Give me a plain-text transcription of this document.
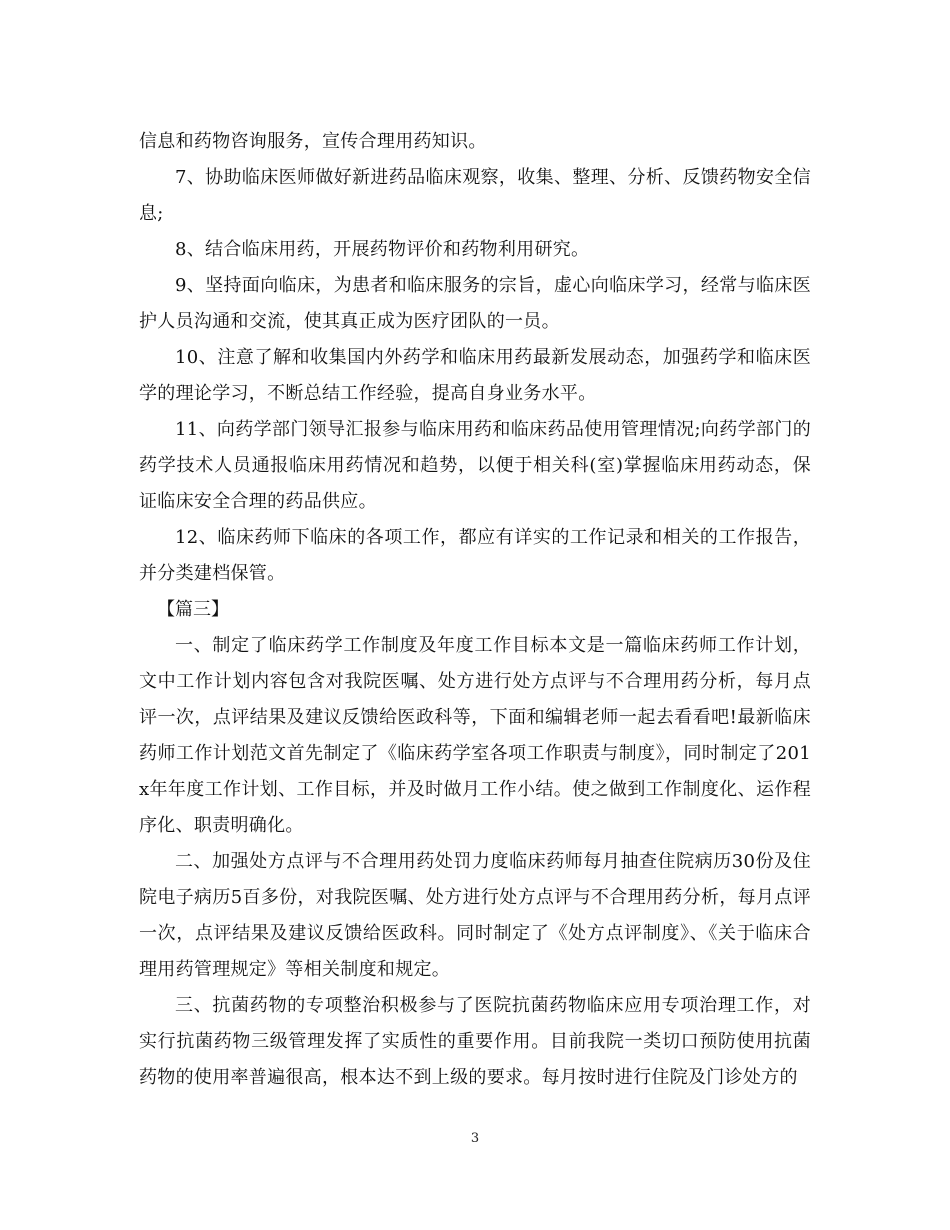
信息和药物咨询服务，宣传合理用药知识。

7、协助临床医师做好新进药品临床观察，收集、整理、分析、反馈药物安全信息;

8、结合临床用药，开展药物评价和药物利用研究。

9、坚持面向临床，为患者和临床服务的宗旨，虚心向临床学习，经常与临床医护人员沟通和交流，使其真正成为医疗团队的一员。

10、注意了解和收集国内外药学和临床用药最新发展动态，加强药学和临床医学的理论学习，不断总结工作经验，提高自身业务水平。

11、向药学部门领导汇报参与临床用药和临床药品使用管理情况;向药学部门的药学技术人员通报临床用药情况和趋势，以便于相关科(室)掌握临床用药动态，保证临床安全合理的药品供应。

12、临床药师下临床的各项工作，都应有详实的工作记录和相关的工作报告，并分类建档保管。

【篇三】

一、制定了临床药学工作制度及年度工作目标本文是一篇临床药师工作计划，文中工作计划内容包含对我院医嘱、处方进行处方点评与不合理用药分析，每月点评一次，点评结果及建议反馈给医政科等，下面和编辑老师一起去看看吧!最新临床药师工作计划范文首先制定了《临床药学室各项工作职责与制度》，同时制定了201x年年度工作计划、工作目标，并及时做月工作小结。使之做到工作制度化、运作程序化、职责明确化。

二、加强处方点评与不合理用药处罚力度临床药师每月抽查住院病历30份及住院电子病历5百多份，对我院医嘱、处方进行处方点评与不合理用药分析，每月点评一次，点评结果及建议反馈给医政科。同时制定了《处方点评制度》、《关于临床合理用药管理规定》等相关制度和规定。

三、抗菌药物的专项整治积极参与了医院抗菌药物临床应用专项治理工作，对实行抗菌药物三级管理发挥了实质性的重要作用。目前我院一类切口预防使用抗菌药物的使用率普遍很高，根本达不到上级的要求。每月按时进行住院及门诊处方的

3
